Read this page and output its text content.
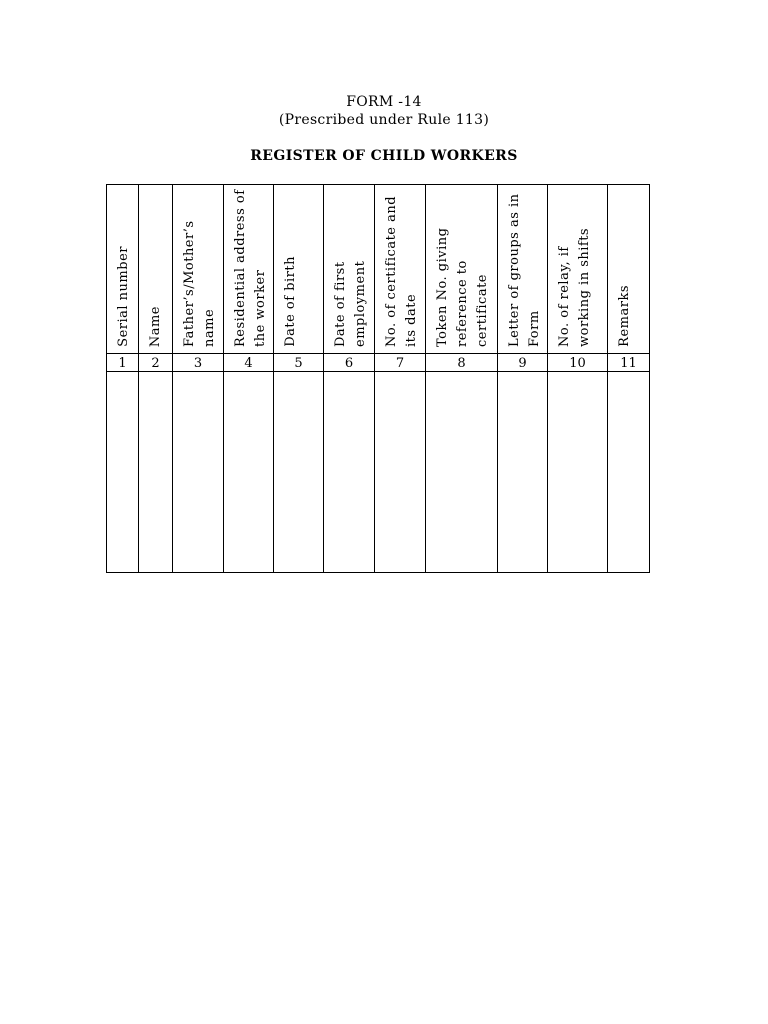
FORM -14
(Prescribed under Rule 113)
REGISTER OF CHILD WORKERS
Serial number	Name	Father’s/Mother’s name	Residential address of the worker	Date of birth	Date of first employment	No. of certificate and its date	Token No. giving reference to certificate	Letter of groups as in Form	No. of relay, if working in shifts	Remarks

1	2	3	4	5	6	7	8	9	10	11
